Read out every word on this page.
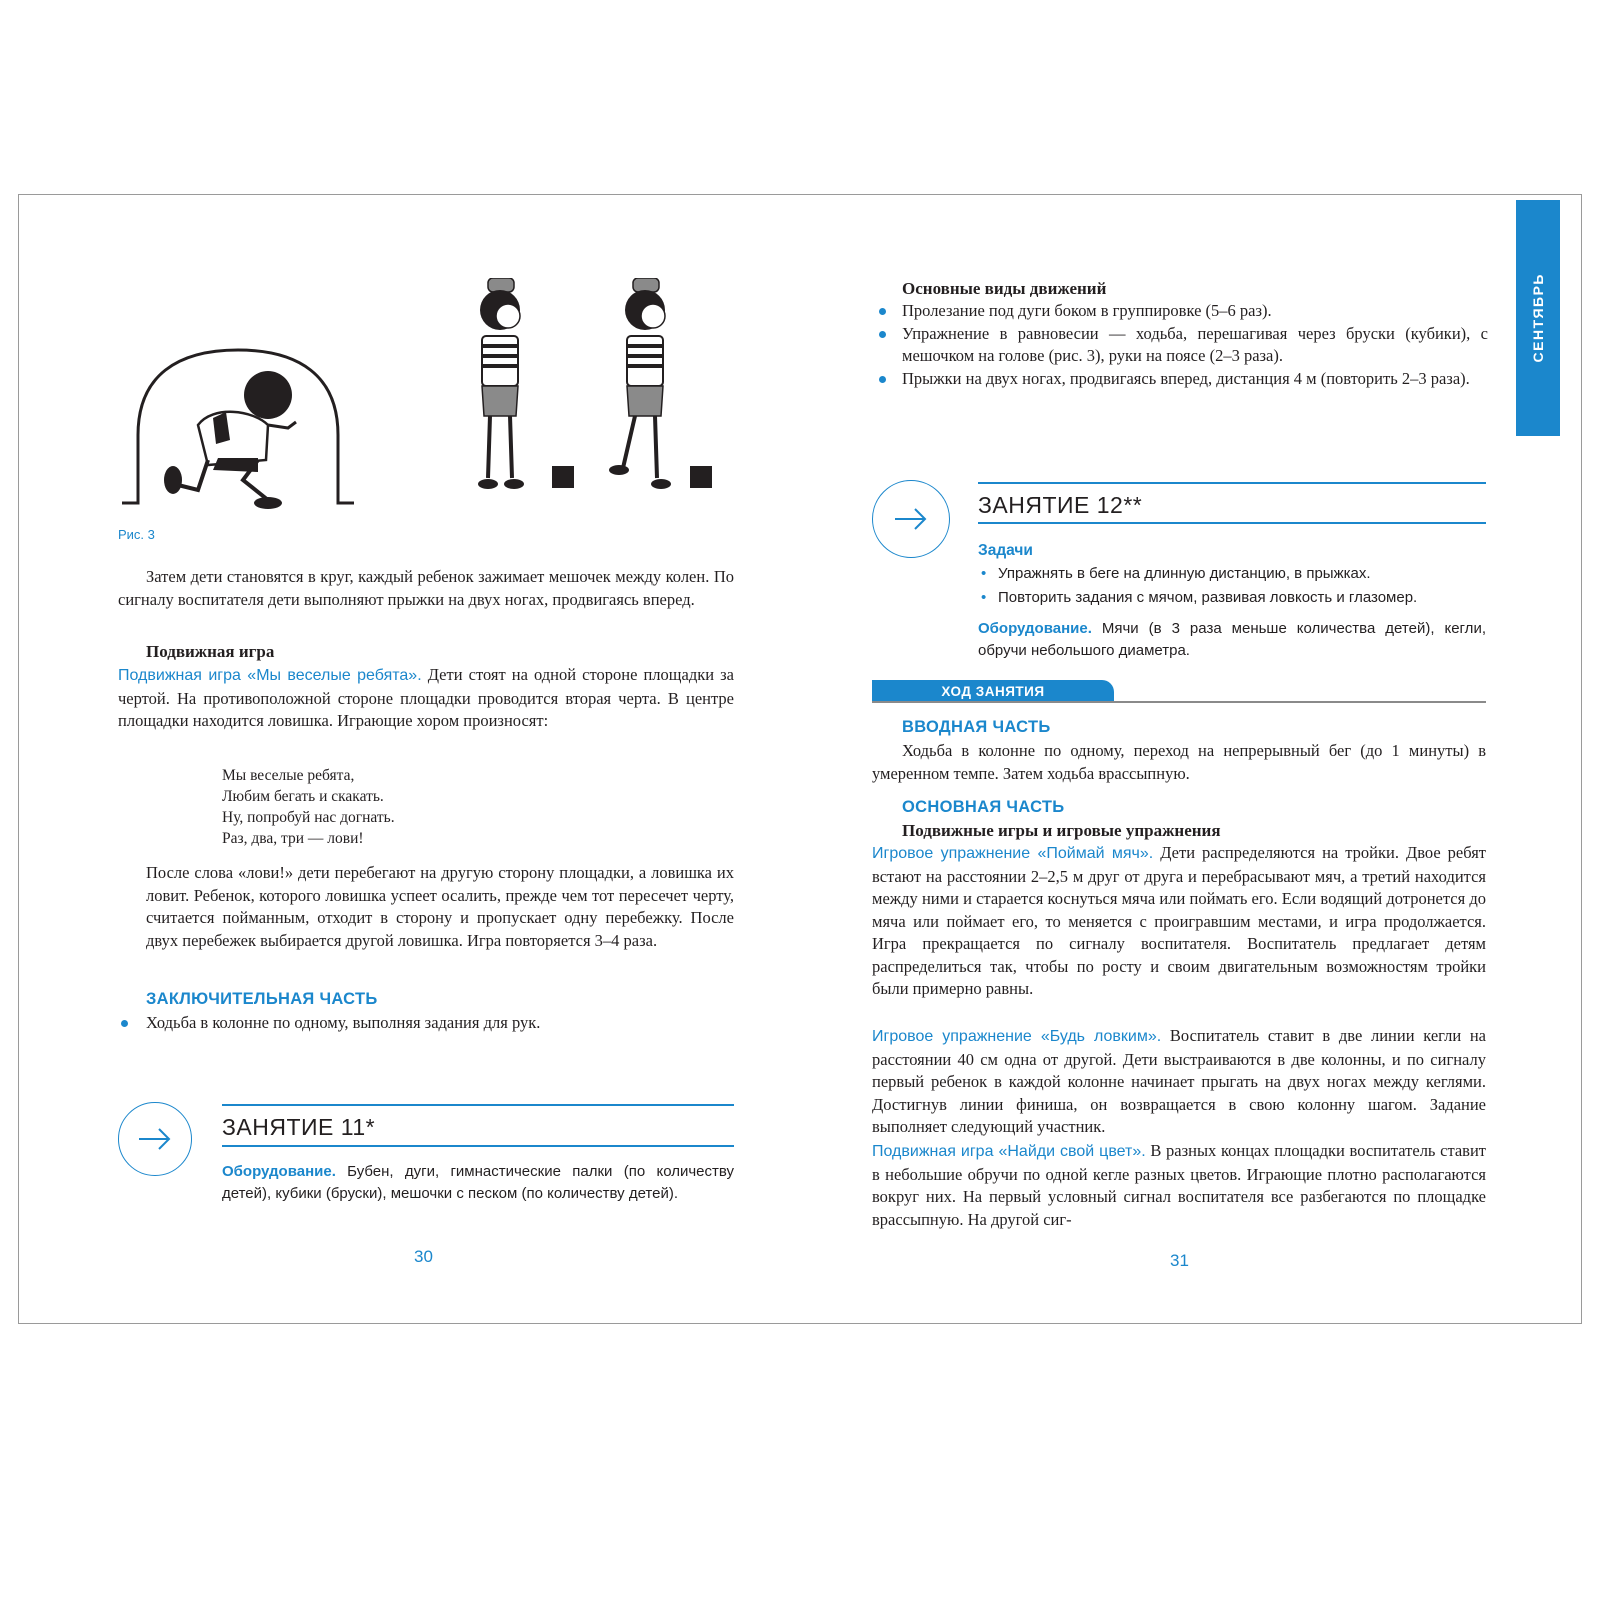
Рис. 3

Затем дети становятся в круг, каждый ребенок зажимает мешочек между колен. По сигналу воспитателя дети выполняют прыжки на двух ногах, продвигаясь вперед.

Подвижная игра

Подвижная игра «Мы веселые ребята». Дети стоят на одной стороне площадки за чертой. На противоположной стороне площадки проводится вторая черта. В центре площадки находится ловишка. Играющие хором произносят:

Мы веселые ребята,
Любим бегать и скакать.
Ну, попробуй нас догнать.
Раз, два, три — лови!

После слова «лови!» дети перебегают на другую сторону площадки, а ловишка их ловит. Ребенок, которого ловишка успеет осалить, прежде чем тот пересечет черту, считается пойманным, отходит в сторону и пропускает одну перебежку. После двух перебежек выбирается другой ловишка. Игра повторяется 3–4 раза.

ЗАКЛЮЧИТЕЛЬНАЯ ЧАСТЬ
Ходьба в колонне по одному, выполняя задания для рук.
ЗАНЯТИЕ 11*

Оборудование. Бубен, дуги, гимнастические палки (по количеству детей), кубики (бруски), мешочки с песком (по количеству детей).

30
СЕНТЯБРЬ
Основные виды движений

Пролезание под дуги боком в группировке (5–6 раз).

Упражнение в равновесии — ходьба, перешагивая через бруски (кубики), с мешочком на голове (рис. 3), руки на поясе (2–3 раза).

Прыжки на двух ногах, продвигаясь вперед, дистанция 4 м (повторить 2–3 раза).

ЗАНЯТИЕ 12**
Задачи
• Упражнять в беге на длинную дистанцию, в прыжках.
• Повторить задания с мячом, развивая ловкость и глазомер.

Оборудование. Мячи (в 3 раза меньше количества детей), кегли, обручи небольшого диаметра.

ХОД ЗАНЯТИЯ
ВВОДНАЯ ЧАСТЬ

Ходьба в колонне по одному, переход на непрерывный бег (до 1 минуты) в умеренном темпе. Затем ходьба врассыпную.

ОСНОВНАЯ ЧАСТЬ
Подвижные игры и игровые упражнения

Игровое упражнение «Поймай мяч». Дети распределяются на тройки. Двое ребят встают на расстоянии 2–2,5 м друг от друга и перебрасывают мяч, а третий находится между ними и старается коснуться мяча или поймать его. Если водящий дотронется до мяча или поймает его, то меняется с проигравшим местами, и игра продолжается. Игра прекращается по сигналу воспитателя. Воспитатель предлагает детям распределиться так, чтобы по росту и своим двигательным возможностям тройки были примерно равны.

Игровое упражнение «Будь ловким». Воспитатель ставит в две линии кегли на расстоянии 40 см одна от другой. Дети выстраиваются в две колонны, и по сигналу первый ребенок в каждой колонне начинает прыгать на двух ногах между кеглями. Достигнув линии финиша, он возвращается в свою колонну шагом. Задание выполняет следующий участник.

Подвижная игра «Найди свой цвет». В разных концах площадки воспитатель ставит в небольшие обручи по одной кегле разных цветов. Играющие плотно располагаются вокруг них. На первый условный сигнал воспитателя все разбегаются по площадке врассыпную. На другой сиг-

31
